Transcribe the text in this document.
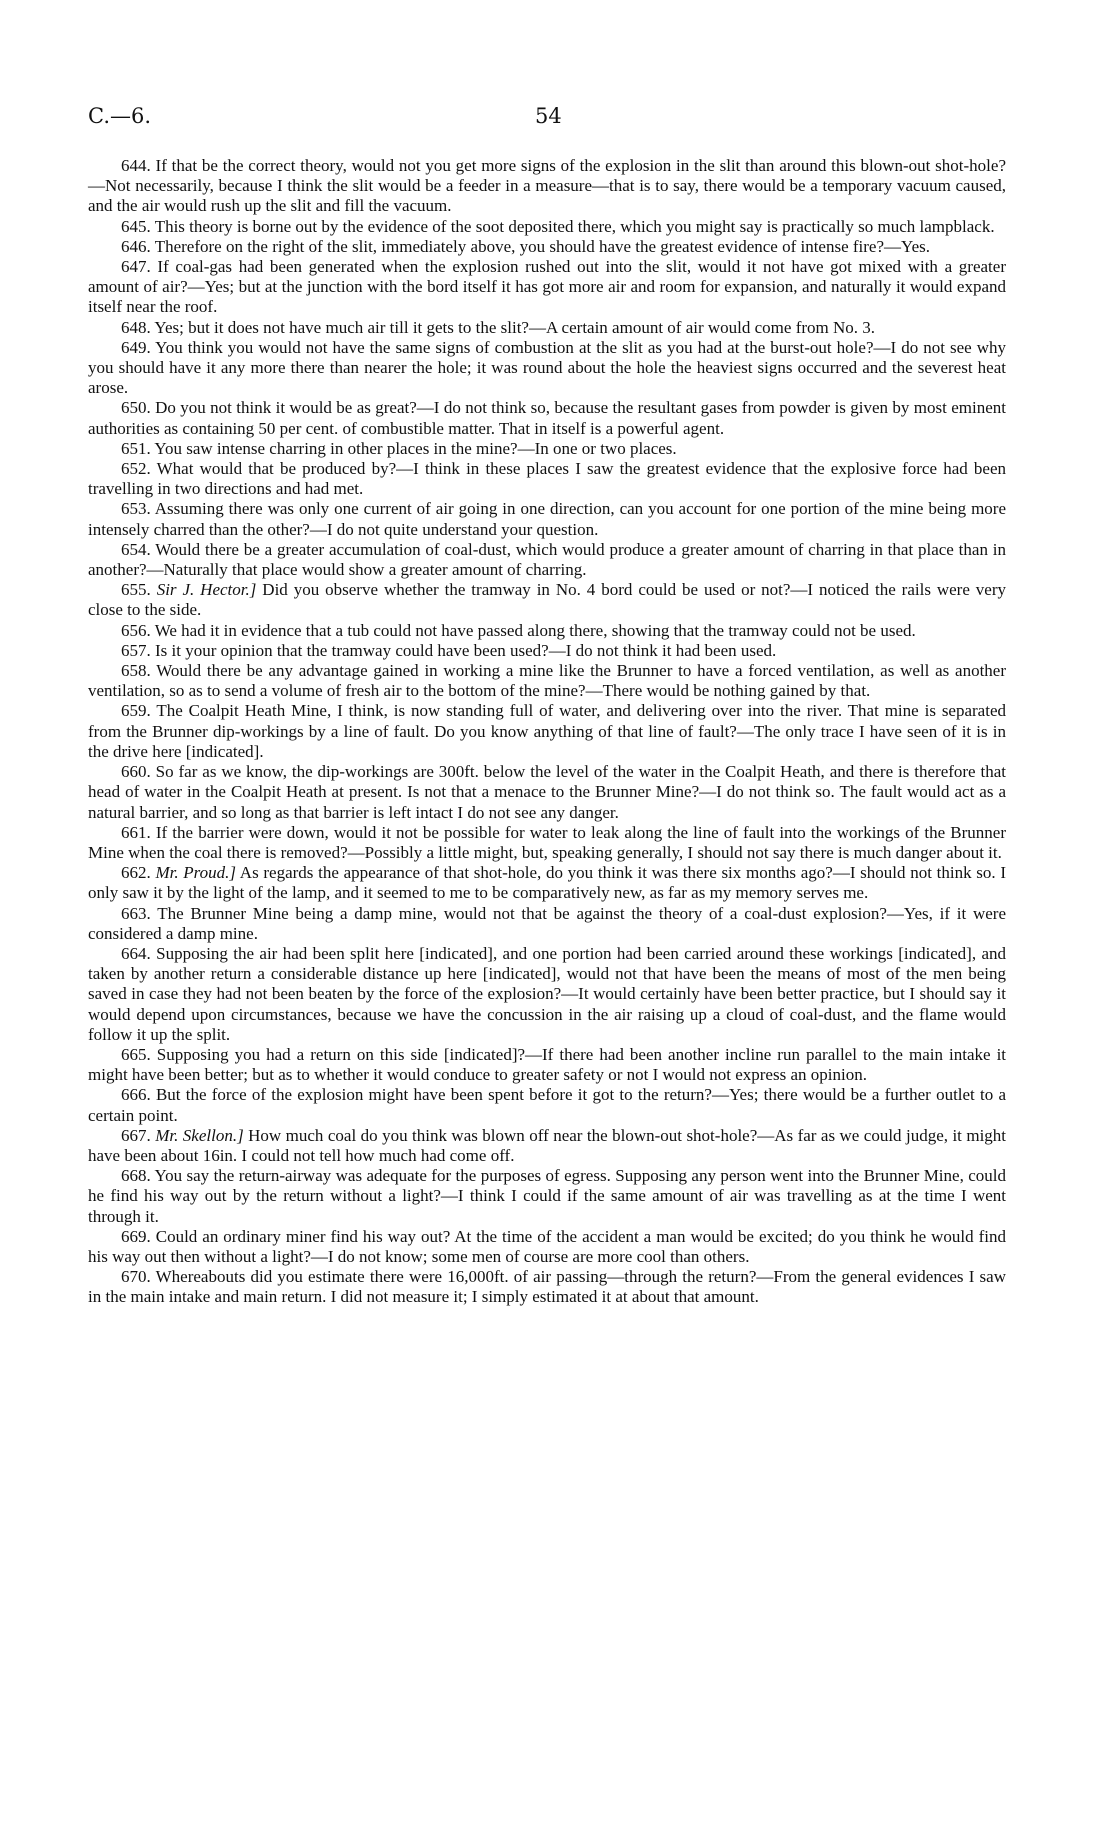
C.—6.	54

644. If that be the correct theory, would not you get more signs of the explosion in the slit than around this blown-out shot-hole?—Not necessarily, because I think the slit would be a feeder in a measure—that is to say, there would be a temporary vacuum caused, and the air would rush up the slit and fill the vacuum.

645. This theory is borne out by the evidence of the soot deposited there, which you might say is practically so much lampblack.

646. Therefore on the right of the slit, immediately above, you should have the greatest evidence of intense fire?—Yes.

647. If coal-gas had been generated when the explosion rushed out into the slit, would it not have got mixed with a greater amount of air?—Yes; but at the junction with the bord itself it has got more air and room for expansion, and naturally it would expand itself near the roof.

648. Yes; but it does not have much air till it gets to the slit?—A certain amount of air would come from No. 3.

649. You think you would not have the same signs of combustion at the slit as you had at the burst-out hole?—I do not see why you should have it any more there than nearer the hole; it was round about the hole the heaviest signs occurred and the severest heat arose.

650. Do you not think it would be as great?—I do not think so, because the resultant gases from powder is given by most eminent authorities as containing 50 per cent. of combustible matter. That in itself is a powerful agent.

651. You saw intense charring in other places in the mine?—In one or two places.

652. What would that be produced by?—I think in these places I saw the greatest evidence that the explosive force had been travelling in two directions and had met.

653. Assuming there was only one current of air going in one direction, can you account for one portion of the mine being more intensely charred than the other?—I do not quite understand your question.

654. Would there be a greater accumulation of coal-dust, which would produce a greater amount of charring in that place than in another?—Naturally that place would show a greater amount of charring.

655. Sir J. Hector.] Did you observe whether the tramway in No. 4 bord could be used or not?—I noticed the rails were very close to the side.

656. We had it in evidence that a tub could not have passed along there, showing that the tramway could not be used.

657. Is it your opinion that the tramway could have been used?—I do not think it had been used.

658. Would there be any advantage gained in working a mine like the Brunner to have a forced ventilation, as well as another ventilation, so as to send a volume of fresh air to the bottom of the mine?—There would be nothing gained by that.

659. The Coalpit Heath Mine, I think, is now standing full of water, and delivering over into the river. That mine is separated from the Brunner dip-workings by a line of fault. Do you know anything of that line of fault?—The only trace I have seen of it is in the drive here [indicated].

660. So far as we know, the dip-workings are 300ft. below the level of the water in the Coalpit Heath, and there is therefore that head of water in the Coalpit Heath at present. Is not that a menace to the Brunner Mine?—I do not think so. The fault would act as a natural barrier, and so long as that barrier is left intact I do not see any danger.

661. If the barrier were down, would it not be possible for water to leak along the line of fault into the workings of the Brunner Mine when the coal there is removed?—Possibly a little might, but, speaking generally, I should not say there is much danger about it.

662. Mr. Proud.] As regards the appearance of that shot-hole, do you think it was there six months ago?—I should not think so. I only saw it by the light of the lamp, and it seemed to me to be comparatively new, as far as my memory serves me.

663. The Brunner Mine being a damp mine, would not that be against the theory of a coal-dust explosion?—Yes, if it were considered a damp mine.

664. Supposing the air had been split here [indicated], and one portion had been carried around these workings [indicated], and taken by another return a considerable distance up here [indicated], would not that have been the means of most of the men being saved in case they had not been beaten by the force of the explosion?—It would certainly have been better practice, but I should say it would depend upon circumstances, because we have the concussion in the air raising up a cloud of coal-dust, and the flame would follow it up the split.

665. Supposing you had a return on this side [indicated]?—If there had been another incline run parallel to the main intake it might have been better; but as to whether it would conduce to greater safety or not I would not express an opinion.

666. But the force of the explosion might have been spent before it got to the return?—Yes; there would be a further outlet to a certain point.

667. Mr. Skellon.] How much coal do you think was blown off near the blown-out shot-hole?—As far as we could judge, it might have been about 16in. I could not tell how much had come off.

668. You say the return-airway was adequate for the purposes of egress. Supposing any person went into the Brunner Mine, could he find his way out by the return without a light?—I think I could if the same amount of air was travelling as at the time I went through it.

669. Could an ordinary miner find his way out? At the time of the accident a man would be excited; do you think he would find his way out then without a light?—I do not know; some men of course are more cool than others.

670. Whereabouts did you estimate there were 16,000ft. of air passing—through the return?—From the general evidences I saw in the main intake and main return. I did not measure it; I simply estimated it at about that amount.
